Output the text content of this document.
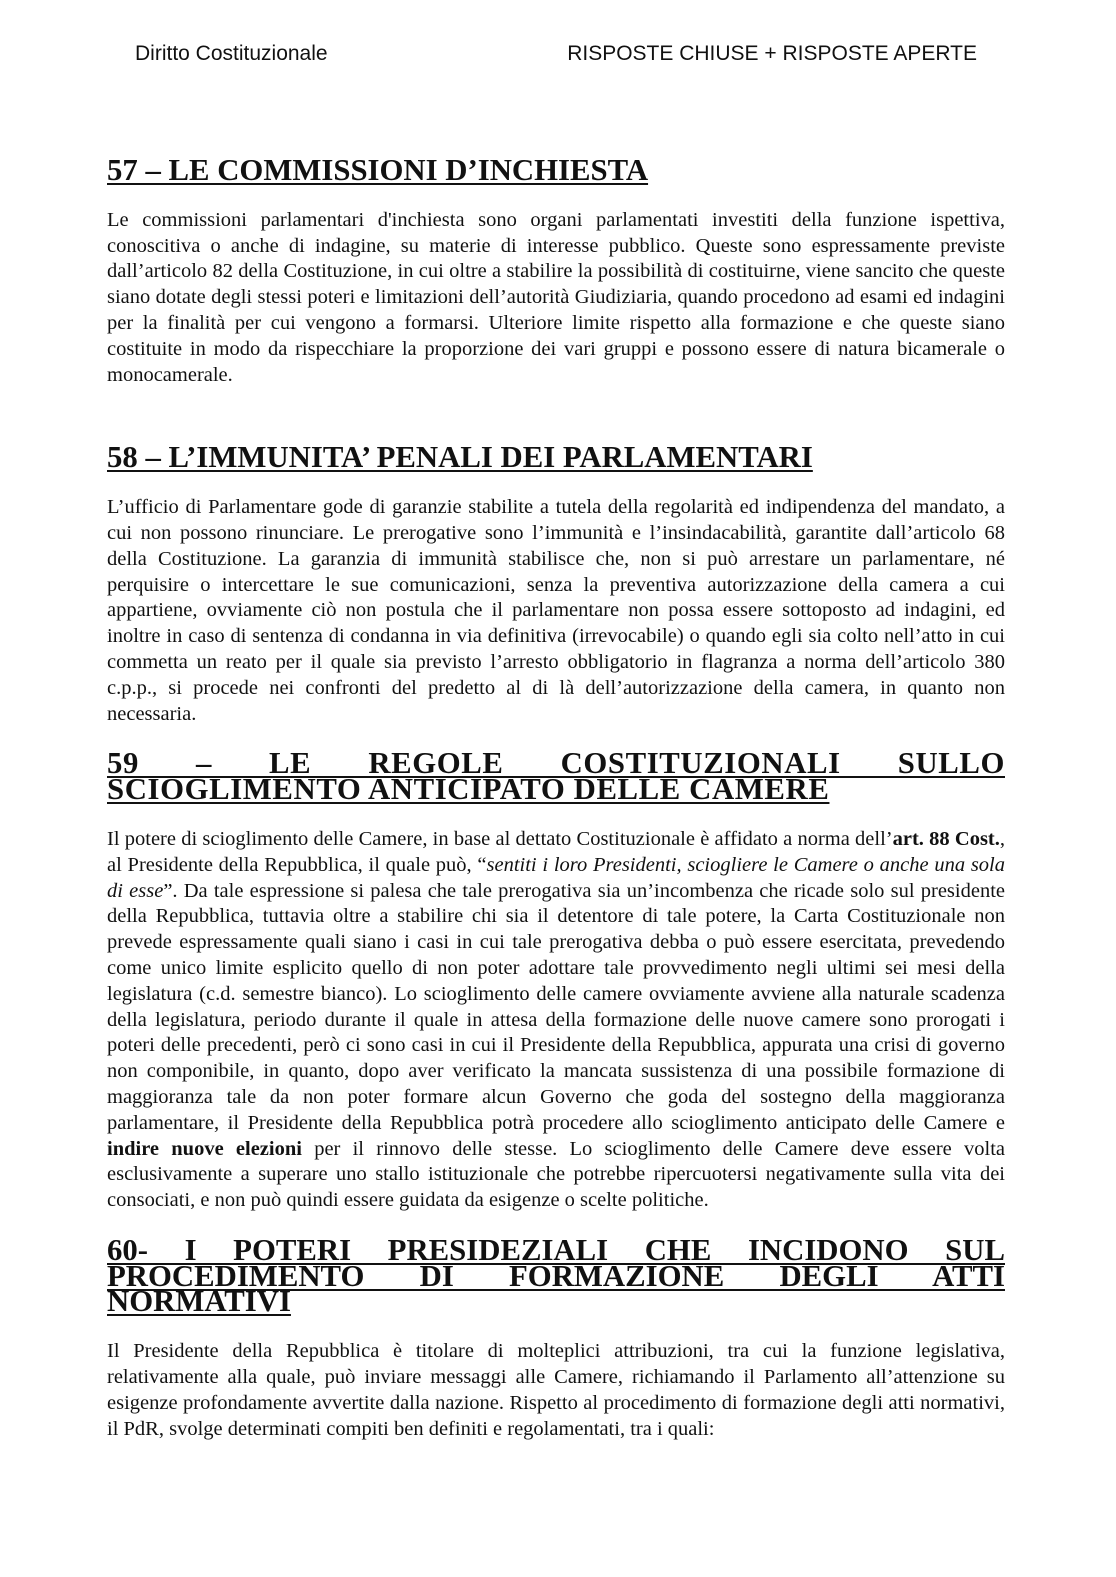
Diritto Costituzionale	RISPOSTE CHIUSE + RISPOSTE APERTE
57 – LE COMMISSIONI D’INCHIESTA

Le commissioni parlamentari d'inchiesta sono organi parlamentati investiti della funzione ispettiva, conoscitiva o anche di indagine, su materie di interesse pubblico. Queste sono espressamente previste dall’articolo 82 della Costituzione, in cui oltre a stabilire la possibilità di costituirne, viene sancito che queste siano dotate degli stessi poteri e limitazioni dell’autorità Giudiziaria, quando procedono ad esami ed indagini per la finalità per cui vengono a formarsi. Ulteriore limite rispetto alla formazione e che queste siano costituite in modo da rispecchiare la proporzione dei vari gruppi e possono essere di natura bicamerale o monocamerale.

58 – L’IMMUNITA’ PENALI DEI PARLAMENTARI

L’ufficio di Parlamentare gode di garanzie stabilite a tutela della regolarità ed indipendenza del mandato, a cui non possono rinunciare. Le prerogative sono l’immunità e l’insindacabilità, garantite dall’articolo 68 della Costituzione. La garanzia di immunità stabilisce che, non si può arrestare un parlamentare, né perquisire o intercettare le sue comunicazioni, senza la preventiva autorizzazione della camera a cui appartiene, ovviamente ciò non postula che il parlamentare non possa essere sottoposto ad indagini, ed inoltre in caso di sentenza di condanna in via definitiva (irrevocabile) o quando egli sia colto nell’atto in cui commetta un reato per il quale sia previsto l’arresto obbligatorio in flagranza a norma dell’articolo 380 c.p.p., si procede nei confronti del predetto al di là dell’autorizzazione della camera, in quanto non necessaria.

59 – LE REGOLE COSTITUZIONALI SULLO SCIOGLIMENTO ANTICIPATO DELLE CAMERE

Il potere di scioglimento delle Camere, in base al dettato Costituzionale è affidato a norma dell’art. 88 Cost., al Presidente della Repubblica, il quale può, “sentiti i loro Presidenti, sciogliere le Camere o anche una sola di esse”. Da tale espressione si palesa che tale prerogativa sia un’incombenza che ricade solo sul presidente della Repubblica, tuttavia oltre a stabilire chi sia il detentore di tale potere, la Carta Costituzionale non prevede espressamente quali siano i casi in cui tale prerogativa debba o può essere esercitata, prevedendo come unico limite esplicito quello di non poter adottare tale provvedimento negli ultimi sei mesi della legislatura (c.d. semestre bianco). Lo scioglimento delle camere ovviamente avviene alla naturale scadenza della legislatura, periodo durante il quale in attesa della formazione delle nuove camere sono prorogati i poteri delle precedenti, però ci sono casi in cui il Presidente della Repubblica, appurata una crisi di governo non componibile, in quanto, dopo aver verificato la mancata sussistenza di una possibile formazione di maggioranza tale da non poter formare alcun Governo che goda del sostegno della maggioranza parlamentare, il Presidente della Repubblica potrà procedere allo scioglimento anticipato delle Camere e indire nuove elezioni per il rinnovo delle stesse. Lo scioglimento delle Camere deve essere volta esclusivamente a superare uno stallo istituzionale che potrebbe ripercuotersi negativamente sulla vita dei consociati, e non può quindi essere guidata da esigenze o scelte politiche.

60- I POTERI PRESIDEZIALI CHE INCIDONO SUL PROCEDIMENTO DI FORMAZIONE DEGLI ATTI NORMATIVI

Il Presidente della Repubblica è titolare di molteplici attribuzioni, tra cui la funzione legislativa, relativamente alla quale, può inviare messaggi alle Camere, richiamando il Parlamento all’attenzione su esigenze profondamente avvertite dalla nazione. Rispetto al procedimento di formazione degli atti normativi, il PdR, svolge determinati compiti ben definiti e regolamentati, tra i quali:
